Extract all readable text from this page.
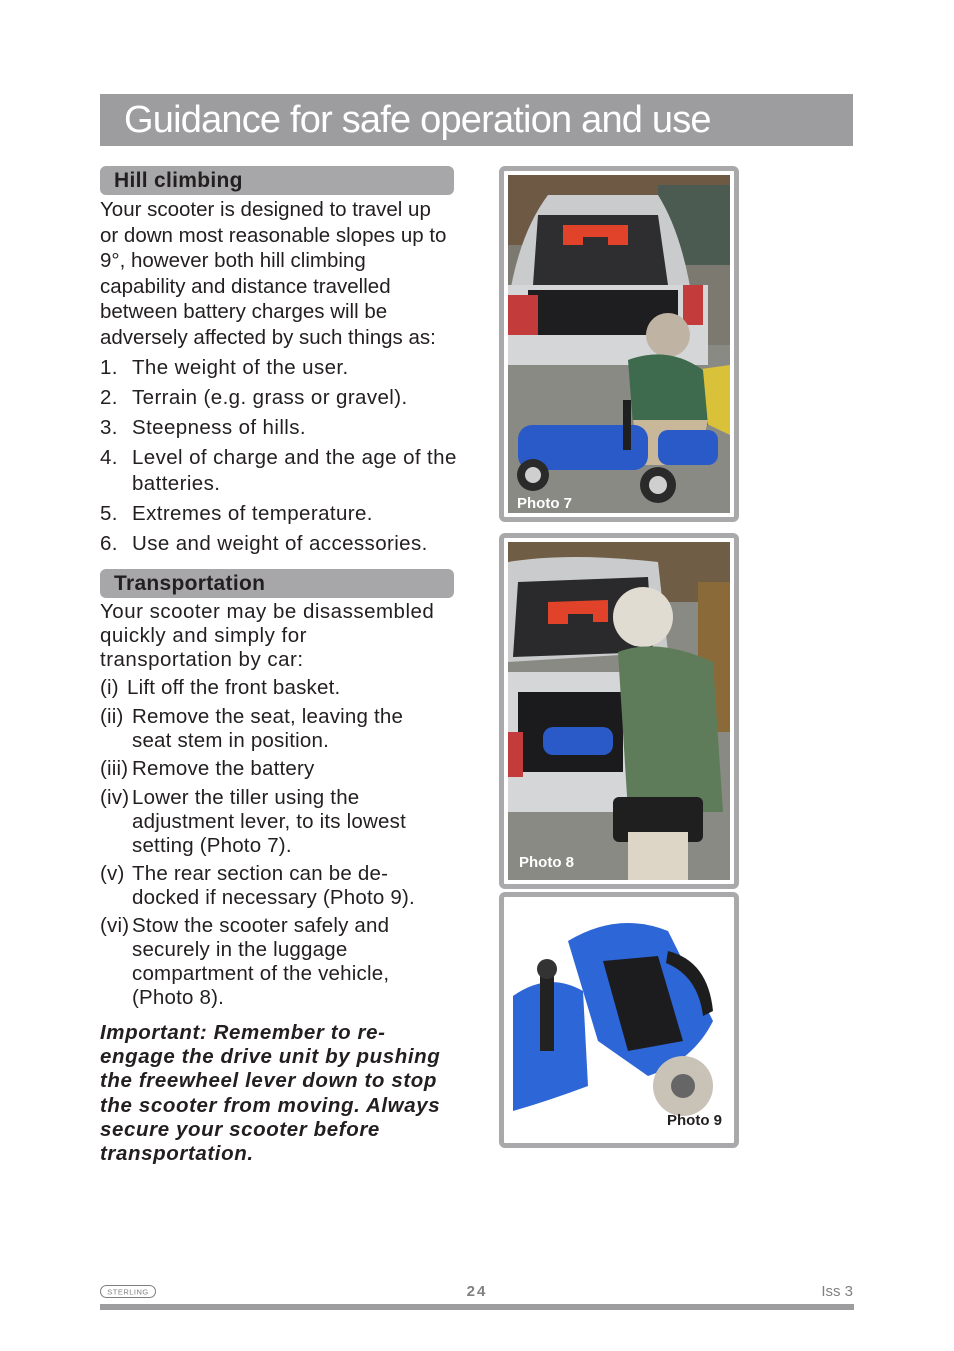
Guidance for safe operation and use
Hill climbing

Your scooter is designed to travel up or down most reasonable slopes up to 9°, however both hill climbing capability and distance travelled between battery charges will be adversely affected by such things as:

1. The weight of the user.
2. Terrain (e.g. grass or gravel).
3. Steepness of hills.
4. Level of charge and the age of the batteries.
5. Extremes of temperature.
6. Use and weight of accessories.
Transportation

Your scooter may be disassembled quickly and simply for transportation by car:

(i) Lift off the front basket.
(ii) Remove the seat, leaving the seat stem in position.
(iii) Remove the battery
(iv) Lower the tiller using the adjustment lever, to its lowest setting (Photo 7).
(v) The rear section can be de-docked if necessary (Photo 9).
(vi) Stow the scooter safely and securely in the luggage compartment of the vehicle, (Photo 8).
Important: Remember to re-engage the drive unit by pushing the freewheel lever down to stop the scooter from moving. Always secure your scooter before transportation.
Photo 7
Photo 8
Photo 9
STERLING	24	Iss 3
